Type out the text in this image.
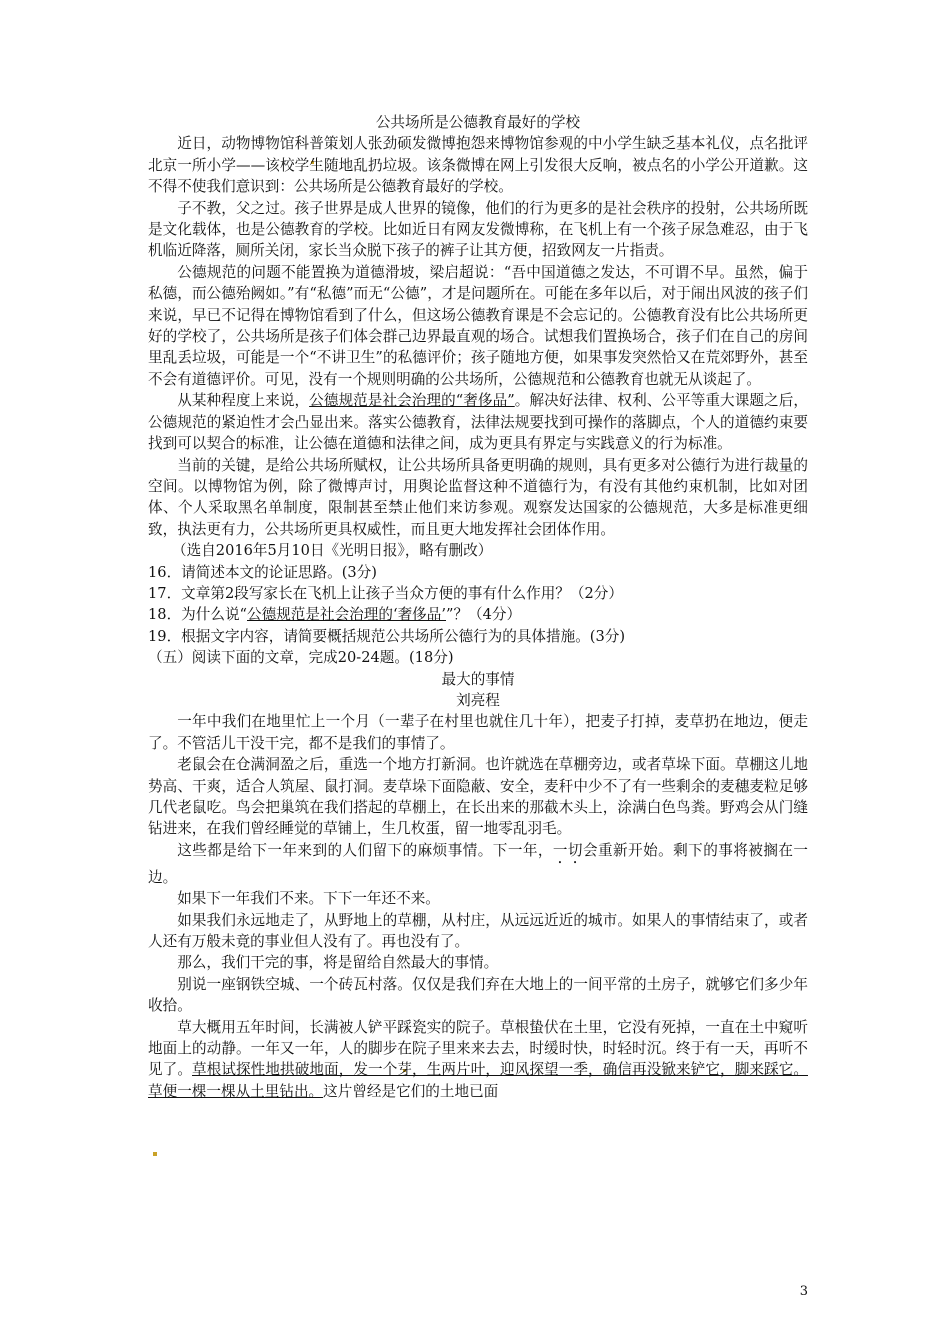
公共场所是公德教育最好的学校

近日，动物博物馆科普策划人张劲硕发微博抱怨来博物馆参观的中小学生缺乏基本礼仪，点名批评北京一所小学——该校学生随地乱扔垃圾。该条微博在网上引发很大反响，被点名的小学公开道歉。这不得不使我们意识到：公共场所是公德教育最好的学校。

子不教，父之过。孩子世界是成人世界的镜像，他们的行为更多的是社会秩序的投射，公共场所既是文化载体，也是公德教育的学校。比如近日有网友发微博称，在飞机上有一个孩子尿急难忍，由于飞机临近降落，厕所关闭，家长当众脱下孩子的裤子让其方便，招致网友一片指责。

公德规范的问题不能置换为道德滑坡，梁启超说：“吾中国道德之发达，不可谓不早。虽然，偏于私德，而公德殆阙如。”有“私德”而无“公德”，才是问题所在。可能在多年以后，对于闹出风波的孩子们来说，早已不记得在博物馆看到了什么，但这场公德教育课是不会忘记的。公德教育没有比公共场所更好的学校了，公共场所是孩子们体会群己边界最直观的场合。试想我们置换场合，孩子们在自己的房间里乱丢垃圾，可能是一个“不讲卫生”的私德评价；孩子随地方便，如果事发突然恰又在荒郊野外，甚至不会有道德评价。可见，没有一个规则明确的公共场所，公德规范和公德教育也就无从谈起了。

从某种程度上来说，公德规范是社会治理的“奢侈品”。解决好法律、权利、公平等重大课题之后，公德规范的紧迫性才会凸显出来。落实公德教育，法律法规要找到可操作的落脚点，个人的道德约束要找到可以契合的标准，让公德在道德和法律之间，成为更具有界定与实践意义的行为标准。

当前的关键，是给公共场所赋权，让公共场所具备更明确的规则，具有更多对公德行为进行裁量的空间。以博物馆为例，除了微博声讨，用舆论监督这种不道德行为，有没有其他约束机制，比如对团体、个人采取黑名单制度，限制甚至禁止他们来访参观。观察发达国家的公德规范，大多是标准更细致，执法更有力，公共场所更具权威性，而且更大地发挥社会团体作用。

（选自2016年5月10日《光明日报》，略有删改）

16．请简述本文的论证思路。(3分)

17．文章第2段写家长在飞机上让孩子当众方便的事有什么作用？（2分）

18．为什么说“公德规范是社会治理的‘奢侈品’”？（4分）

19．根据文字内容，请简要概括规范公共场所公德行为的具体措施。(3分)

（五）阅读下面的文章，完成20-24题。(18分)

最大的事情

刘亮程

一年中我们在地里忙上一个月（一辈子在村里也就住几十年），把麦子打掉，麦草扔在地边，便走了。不管活儿干没干完，都不是我们的事情了。

老鼠会在仓满洞盈之后，重选一个地方打新洞。也许就选在草棚旁边，或者草垛下面。草棚这儿地势高、干爽，适合人筑屋、鼠打洞。麦草垛下面隐蔽、安全，麦秆中少不了有一些剩余的麦穗麦粒足够几代老鼠吃。鸟会把巢筑在我们搭起的草棚上，在长出来的那截木头上，涂满白色鸟粪。野鸡会从门缝钻进来，在我们曾经睡觉的草铺上，生几枚蛋，留一地零乱羽毛。

这些都是给下一年来到的人们留下的麻烦事情。下一年，一切会重新开始。剩下的事将被搁在一边。

如果下一年我们不来。下下一年还不来。

如果我们永远地走了，从野地上的草棚，从村庄，从远远近近的城市。如果人的事情结束了，或者人还有万般未竟的事业但人没有了。再也没有了。

那么，我们干完的事，将是留给自然最大的事情。

别说一座钢铁空城、一个砖瓦村落。仅仅是我们弃在大地上的一间平常的土房子，就够它们多少年收拾。

草大概用五年时间，长满被人铲平踩瓷实的院子。草根蛰伏在土里，它没有死掉，一直在土中窥听地面上的动静。一年又一年，人的脚步在院子里来来去去，时缓时快，时轻时沉。终于有一天，再听不见了。草根试探性地拱破地面，发一个芽，生两片叶，迎风探望一季，确信再没锨来铲它，脚来踩它。草便一棵一棵从土里钻出。这片曾经是它们的土地已面

3
